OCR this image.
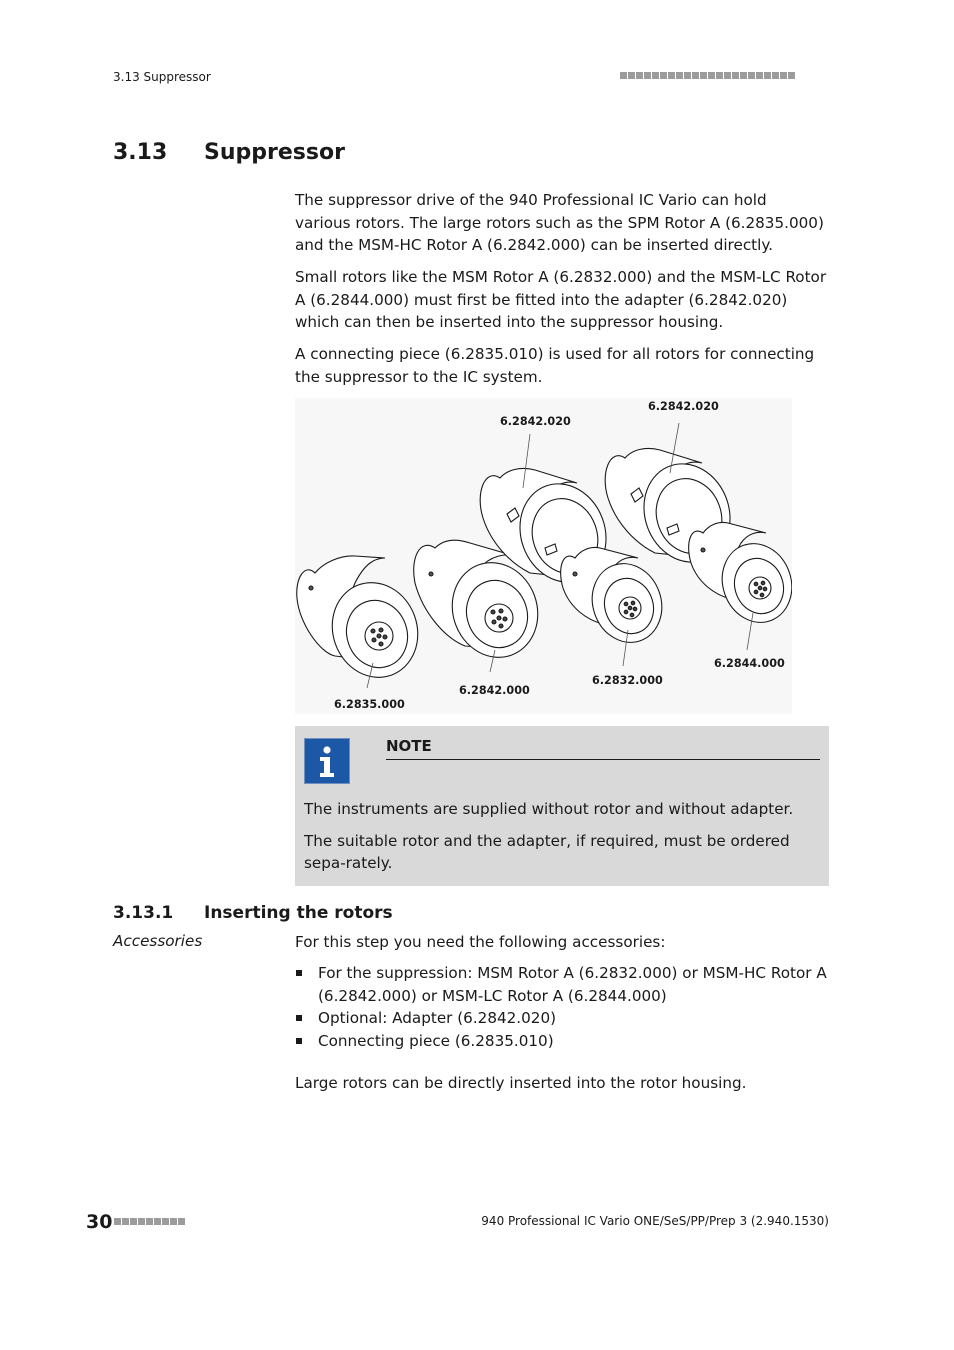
3.13 Suppressor
3.13 Suppressor

The suppressor drive of the 940 Professional IC Vario can hold various rotors. The large rotors such as the SPM Rotor A (6.2835.000) and the MSM-HC Rotor A (6.2842.000) can be inserted directly.

Small rotors like the MSM Rotor A (6.2832.000) and the MSM-LC Rotor A (6.2844.000) must first be fitted into the adapter (6.2842.020) which can then be inserted into the suppressor housing.

A connecting piece (6.2835.010) is used for all rotors for connecting the suppressor to the IC system.

6.2842.020
6.2842.020
6.2835.000
6.2842.000
6.2832.000
6.2844.000
NOTE

The instruments are supplied without rotor and without adapter.

The suitable rotor and the adapter, if required, must be ordered sepa-rately.

3.13.1 Inserting the rotors
Accessories	For this step you need the following accessories:

For the suppression: MSM Rotor A (6.2832.000) or MSM-HC Rotor A (6.2842.000) or MSM-LC Rotor A (6.2844.000)
Optional: Adapter (6.2842.020)
Connecting piece (6.2835.010)

Large rotors can be directly inserted into the rotor housing.

30	940 Professional IC Vario ONE/SeS/PP/Prep 3 (2.940.1530)
